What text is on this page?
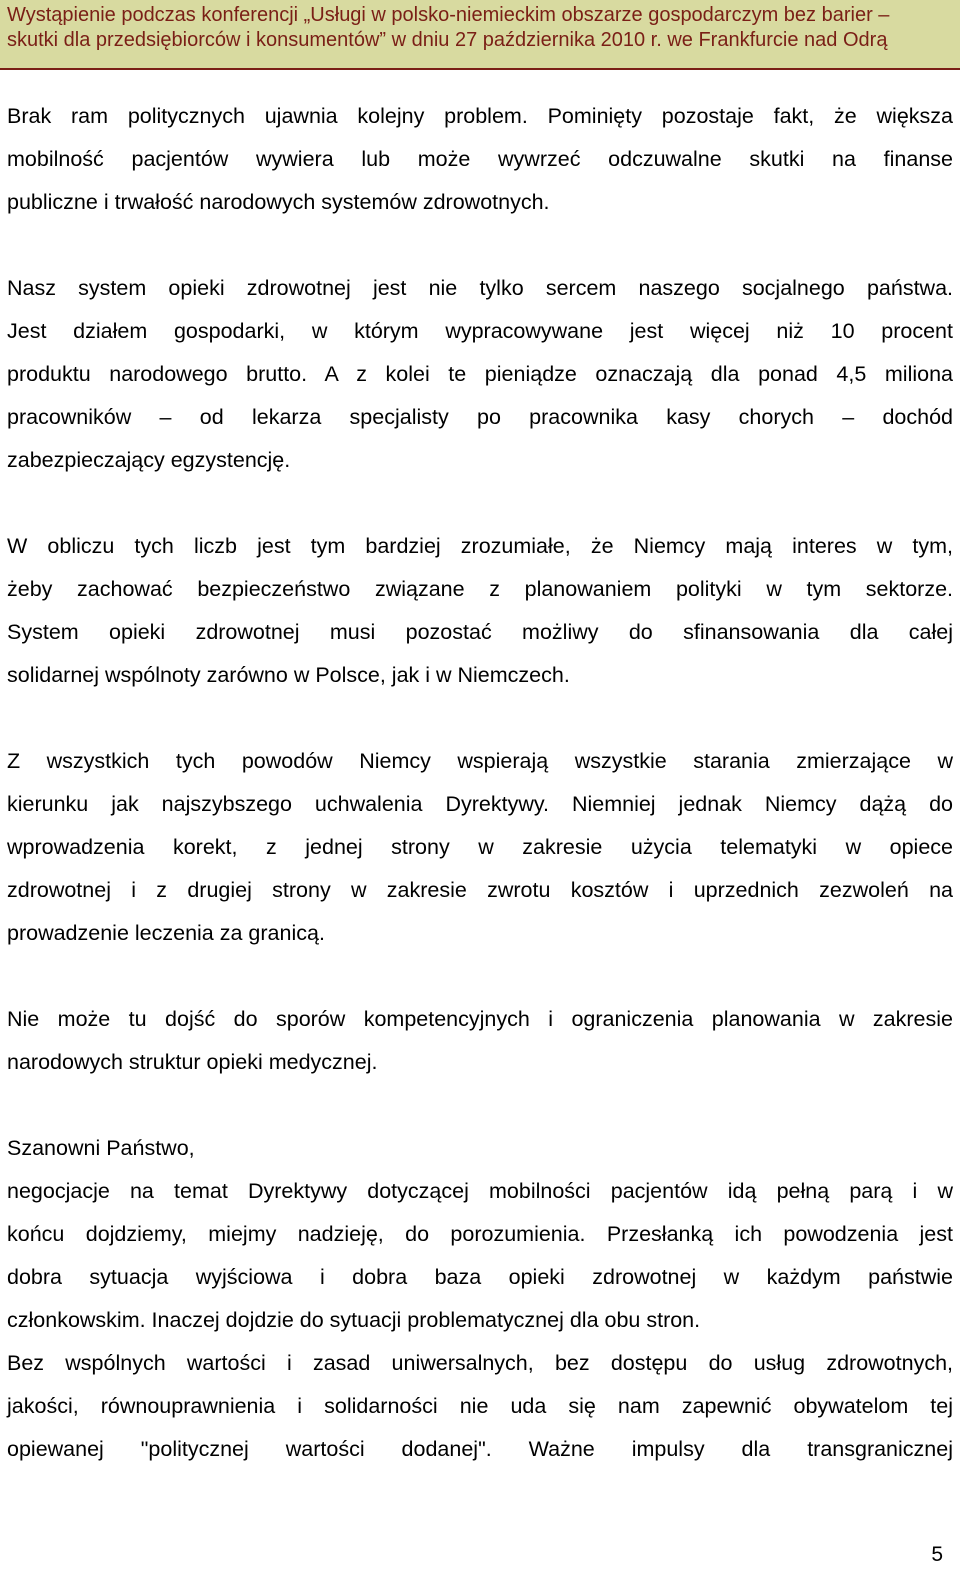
Wystąpienie podczas konferencji „Usługi w polsko-niemieckim obszarze gospodarczym bez barier –
skutki dla przedsiębiorców i konsumentów” w dniu 27 października 2010 r. we Frankfurcie nad Odrą
Brak ram politycznych ujawnia kolejny problem. Pominięty pozostaje fakt, że większa
mobilność pacjentów wywiera lub może wywrzeć odczuwalne skutki na finanse
publiczne i trwałość narodowych systemów zdrowotnych.
Nasz system opieki zdrowotnej jest nie tylko sercem naszego socjalnego państwa.
Jest działem gospodarki, w którym wypracowywane jest więcej niż 10 procent
produktu narodowego brutto. A z kolei te pieniądze oznaczają dla ponad 4,5 miliona
pracowników – od lekarza specjalisty po pracownika kasy chorych – dochód
zabezpieczający egzystencję.
W obliczu tych liczb jest tym bardziej zrozumiałe, że Niemcy mają interes w tym,
żeby zachować bezpieczeństwo związane z planowaniem polityki w tym sektorze.
System opieki zdrowotnej musi pozostać możliwy do sfinansowania dla całej
solidarnej wspólnoty zarówno w Polsce, jak i w Niemczech.
Z wszystkich tych powodów Niemcy wspierają wszystkie starania zmierzające w
kierunku jak najszybszego uchwalenia Dyrektywy. Niemniej jednak Niemcy dążą do
wprowadzenia korekt, z jednej strony w zakresie użycia telematyki w opiece
zdrowotnej i z drugiej strony w zakresie zwrotu kosztów i uprzednich zezwoleń na
prowadzenie leczenia za granicą.
Nie może tu dojść do sporów kompetencyjnych i ograniczenia planowania w zakresie
narodowych struktur opieki medycznej.
Szanowni Państwo,
negocjacje na temat Dyrektywy dotyczącej mobilności pacjentów idą pełną parą i w
końcu dojdziemy, miejmy nadzieję, do porozumienia. Przesłanką ich powodzenia jest
dobra sytuacja wyjściowa i dobra baza opieki zdrowotnej w każdym państwie
członkowskim. Inaczej dojdzie do sytuacji problematycznej dla obu stron.
Bez wspólnych wartości i zasad uniwersalnych, bez dostępu do usług zdrowotnych,
jakości, równouprawnienia i solidarności nie uda się nam zapewnić obywatelom tej
opiewanej "politycznej wartości dodanej". Ważne impulsy dla transgranicznej
5
